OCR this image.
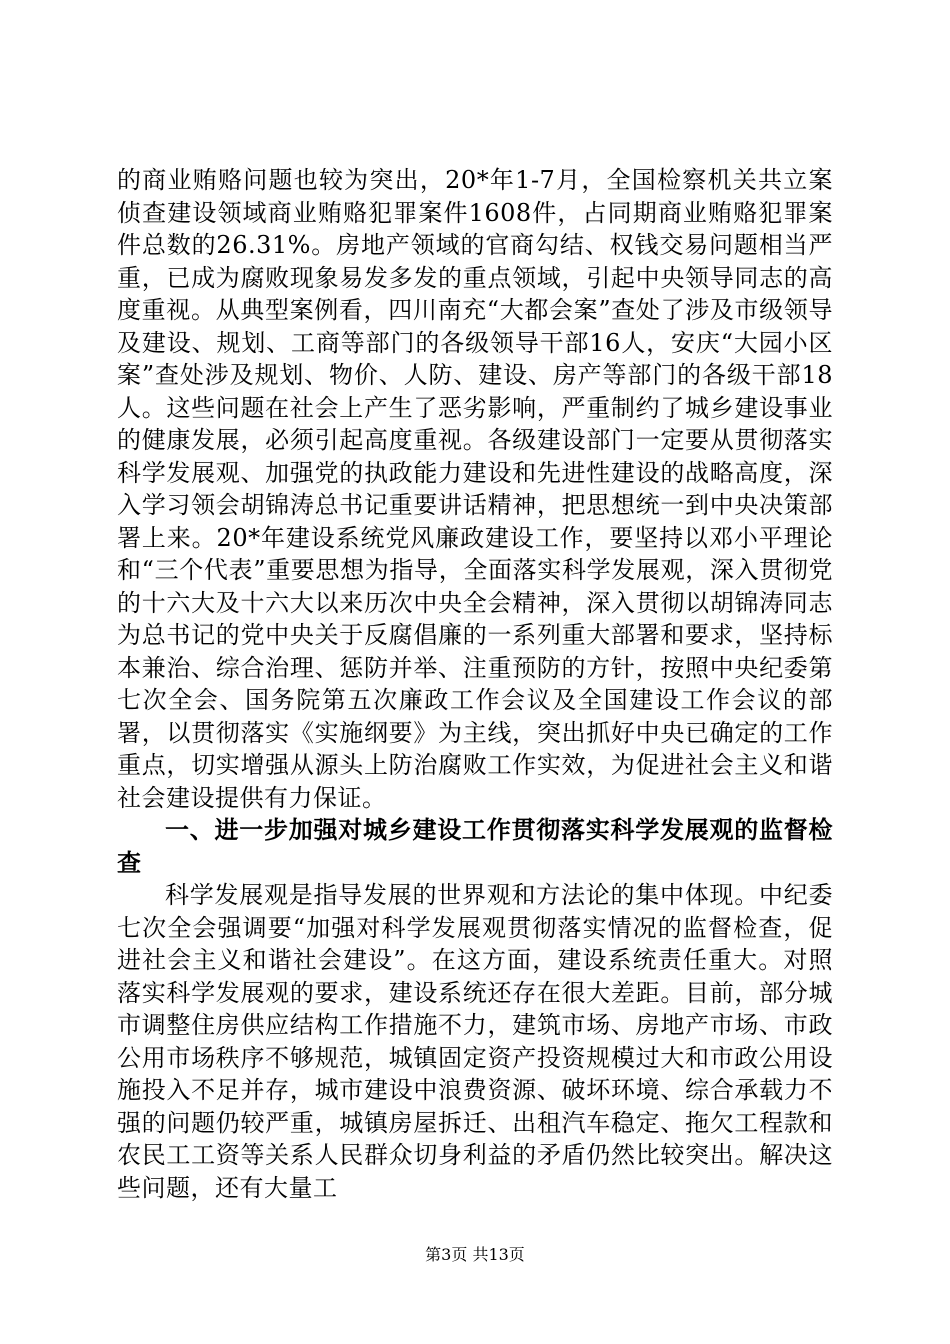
的商业贿赂问题也较为突出，20*年1-7月，全国检察机关共立案侦查建设领域商业贿赂犯罪案件1608件，占同期商业贿赂犯罪案件总数的26.31%。房地产领域的官商勾结、权钱交易问题相当严重，已成为腐败现象易发多发的重点领域，引起中央领导同志的高度重视。从典型案例看，四川南充“大都会案”查处了涉及市级领导及建设、规划、工商等部门的各级领导干部16人，安庆“大园小区案”查处涉及规划、物价、人防、建设、房产等部门的各级干部18人。这些问题在社会上产生了恶劣影响，严重制约了城乡建设事业的健康发展，必须引起高度重视。各级建设部门一定要从贯彻落实科学发展观、加强党的执政能力建设和先进性建设的战略高度，深入学习领会胡锦涛总书记重要讲话精神，把思想统一到中央决策部署上来。20*年建设系统党风廉政建设工作，要坚持以邓小平理论和“三个代表”重要思想为指导，全面落实科学发展观，深入贯彻党的十六大及十六大以来历次中央全会精神，深入贯彻以胡锦涛同志为总书记的党中央关于反腐倡廉的一系列重大部署和要求，坚持标本兼治、综合治理、惩防并举、注重预防的方针，按照中央纪委第七次全会、国务院第五次廉政工作会议及全国建设工作会议的部署，以贯彻落实《实施纲要》为主线，突出抓好中央已确定的工作重点，切实增强从源头上防治腐败工作实效，为促进社会主义和谐社会建设提供有力保证。

一、进一步加强对城乡建设工作贯彻落实科学发展观的监督检查

科学发展观是指导发展的世界观和方法论的集中体现。中纪委七次全会强调要“加强对科学发展观贯彻落实情况的监督检查，促进社会主义和谐社会建设”。在这方面，建设系统责任重大。对照落实科学发展观的要求，建设系统还存在很大差距。目前，部分城市调整住房供应结构工作措施不力，建筑市场、房地产市场、市政公用市场秩序不够规范，城镇固定资产投资规模过大和市政公用设施投入不足并存，城市建设中浪费资源、破坏环境、综合承载力不强的问题仍较严重，城镇房屋拆迁、出租汽车稳定、拖欠工程款和农民工工资等关系人民群众切身利益的矛盾仍然比较突出。解决这些问题，还有大量工

第3页 共13页
